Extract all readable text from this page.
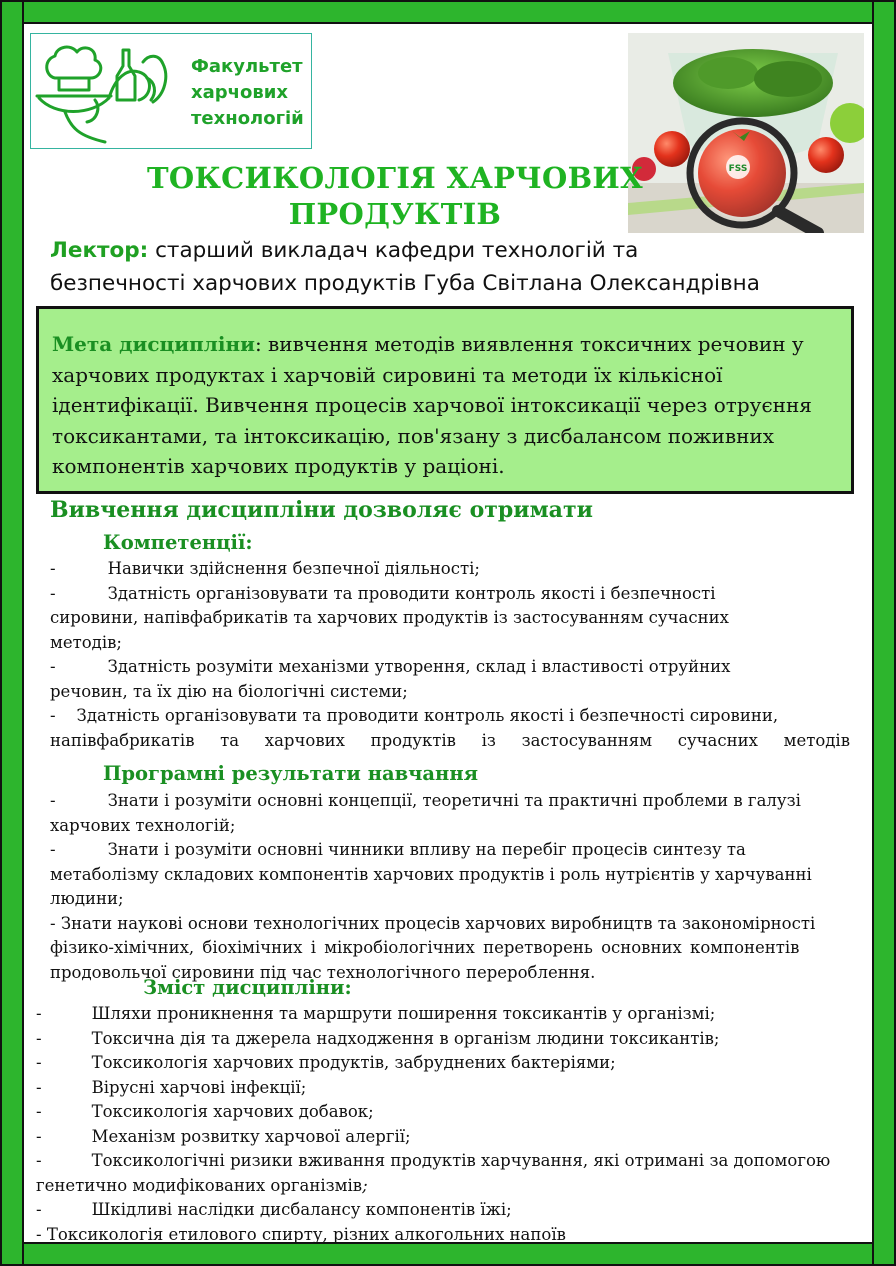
Факультет
харчових
технологій
FSS
ТОКСИКОЛОГІЯ ХАРЧОВИХ
ПРОДУКТІВ
Лектор: старший викладач кафедри технологій та
безпечності харчових продуктів Губа Світлана Олександрівна
Мета дисципліни: вивчення методів виявлення токсичних речовин у харчових продуктах і харчовій сировині та методи їх кількісної ідентифікації. Вивчення процесів харчової інтоксикації через отруєння токсикантами, та інтоксикацію, пов'язану з дисбалансом поживних компонентів харчових продуктів у раціоні.
Вивчення дисципліни дозволяє отримати
Компетенції:

-	Навички здійснення безпечної діяльності;

-	Здатність організовувати та проводити контроль якості і безпечності

сировини, напівфабрикатів та харчових продуктів із застосуванням сучасних

методів;

-	Здатність розуміти механізми утворення, склад і властивості отруйних

речовин, та їх дію на біологічні системи;

-    Здатність організовувати та проводити контроль якості і безпечності сировини,

напівфабрикатів та харчових продуктів із застосуванням сучасних методів

Програмні результати навчання

-	Знати і розуміти основні концепції, теоретичні та практичні проблеми в галузі

харчових технологій;

-	Знати і розуміти основні чинники впливу на перебіг процесів синтезу та

метаболізму складових компонентів харчових продуктів і роль нутрієнтів у харчуванні

людини;

- Знати наукові основи технологічних процесів харчових виробництв та закономірності

фізико-хімічних, біохімічних і мікробіологічних перетворень основних компонентів

продовольчої сировини під час технологічного перероблення.

Зміст дисципліни:

-	Шляхи проникнення та маршрути поширення токсикантів у організмі;

-	Токсична дія та джерела надходження в організм людини токсикантів;

-	Токсикологія харчових продуктів, забруднених бактеріями;

-	Вірусні харчові інфекції;

-	Токсикологія харчових добавок;

-	Механізм розвитку харчової алергії;

-	Токсикологічні ризики вживання продуктів харчування, які отримані за допомогою

генетично модифікованих організмів;

-	Шкідливі наслідки дисбалансу компонентів їжі;

- Токсикологія етилового спирту, різних алкогольних напоїв
